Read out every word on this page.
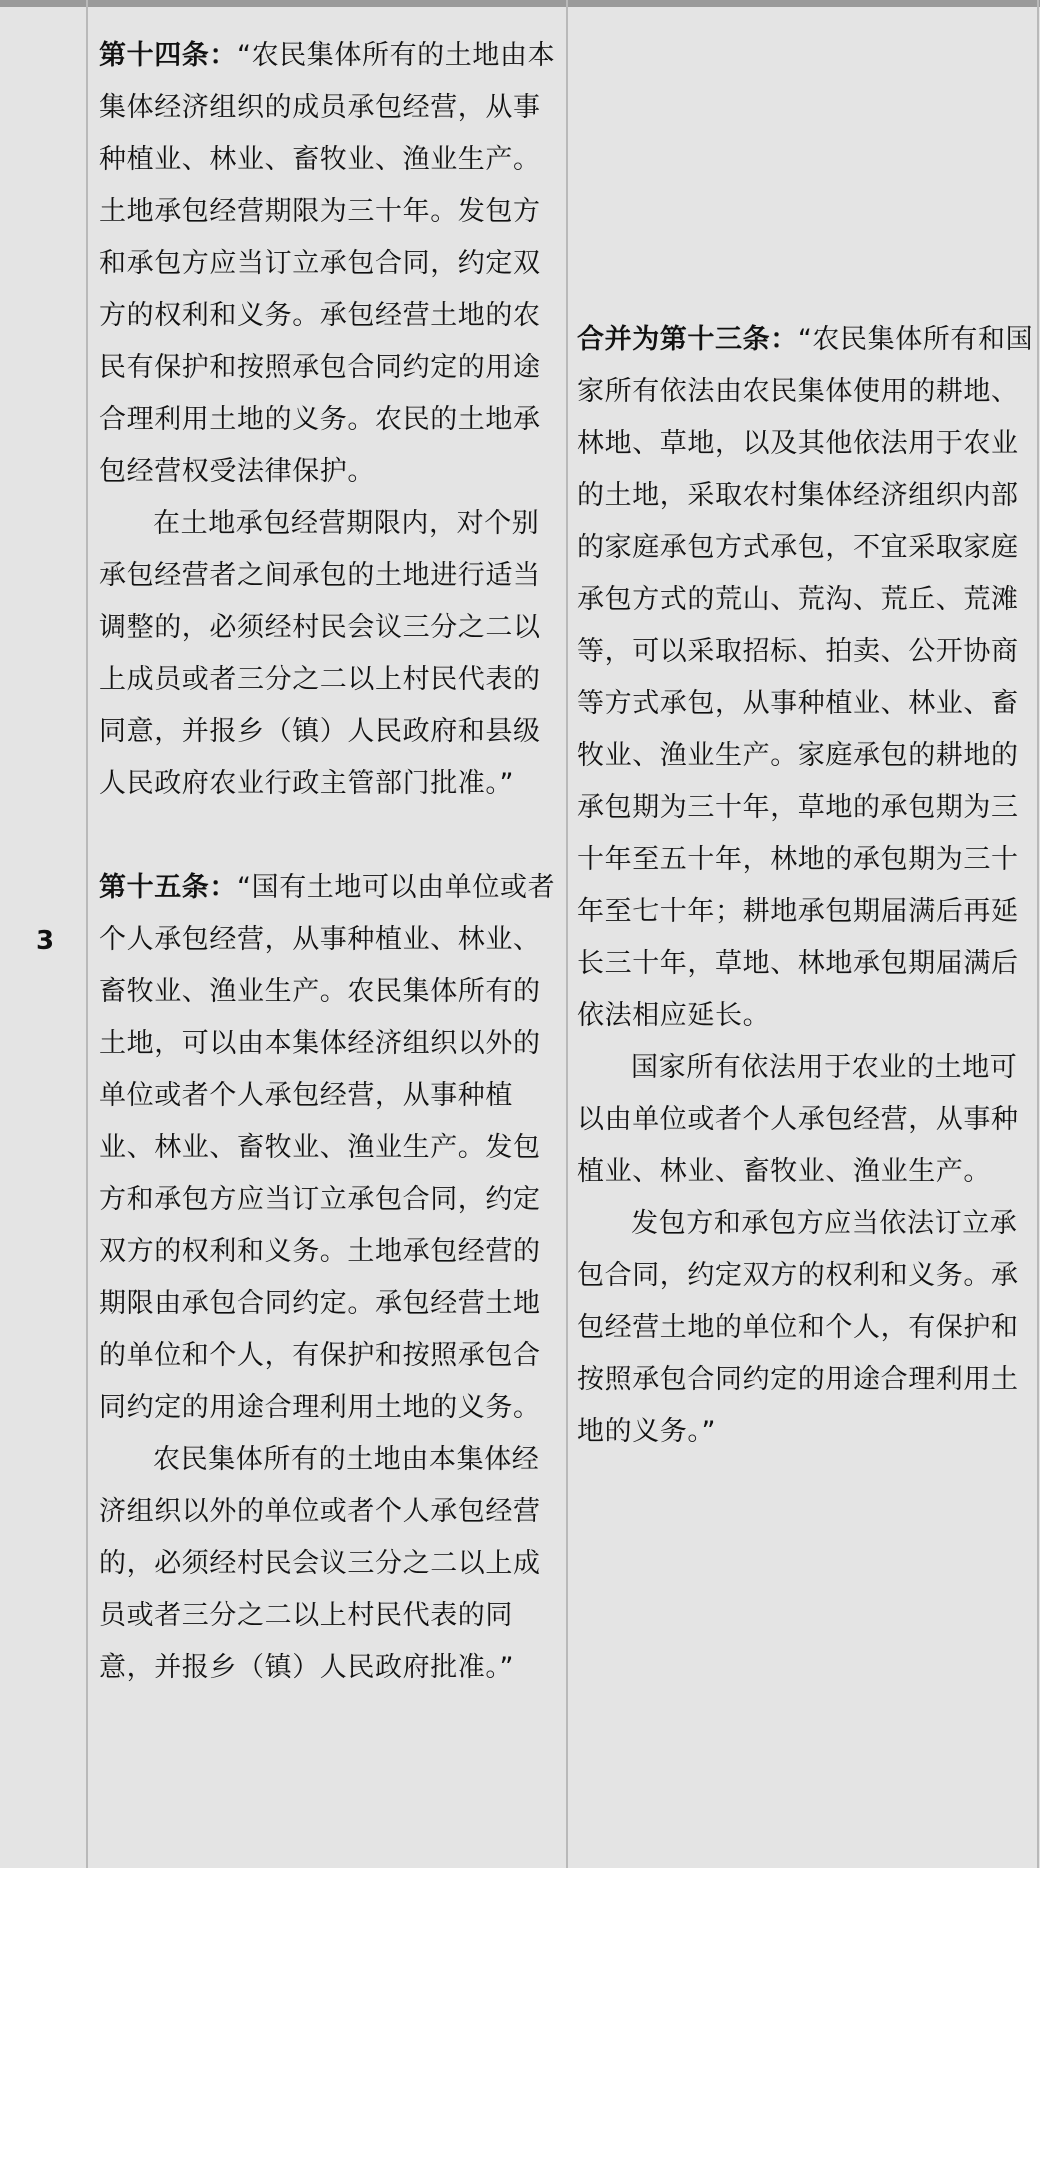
3

第十四条：“农民集体所有的土地由本集体经济组织的成员承包经营，从事种植业、林业、畜牧业、渔业生产。土地承包经营期限为三十年。发包方和承包方应当订立承包合同，约定双方的权利和义务。承包经营土地的农民有保护和按照承包合同约定的用途合理利用土地的义务。农民的土地承包经营权受法律保护。

在土地承包经营期限内，对个别承包经营者之间承包的土地进行适当调整的，必须经村民会议三分之二以上成员或者三分之二以上村民代表的同意，并报乡（镇）人民政府和县级人民政府农业行政主管部门批准。”

第十五条：“国有土地可以由单位或者个人承包经营，从事种植业、林业、畜牧业、渔业生产。农民集体所有的土地，可以由本集体经济组织以外的单位或者个人承包经营，从事种植业、林业、畜牧业、渔业生产。发包方和承包方应当订立承包合同，约定双方的权利和义务。土地承包经营的期限由承包合同约定。承包经营土地的单位和个人，有保护和按照承包合同约定的用途合理利用土地的义务。

农民集体所有的土地由本集体经济组织以外的单位或者个人承包经营的，必须经村民会议三分之二以上成员或者三分之二以上村民代表的同意，并报乡（镇）人民政府批准。”

合并为第十三条：“农民集体所有和国家所有依法由农民集体使用的耕地、林地、草地，以及其他依法用于农业的土地，采取农村集体经济组织内部的家庭承包方式承包，不宜采取家庭承包方式的荒山、荒沟、荒丘、荒滩等，可以采取招标、拍卖、公开协商等方式承包，从事种植业、林业、畜牧业、渔业生产。家庭承包的耕地的承包期为三十年，草地的承包期为三十年至五十年，林地的承包期为三十年至七十年；耕地承包期届满后再延长三十年，草地、林地承包期届满后依法相应延长。

国家所有依法用于农业的土地可以由单位或者个人承包经营，从事种植业、林业、畜牧业、渔业生产。

发包方和承包方应当依法订立承包合同，约定双方的权利和义务。承包经营土地的单位和个人，有保护和按照承包合同约定的用途合理利用土地的义务。”
